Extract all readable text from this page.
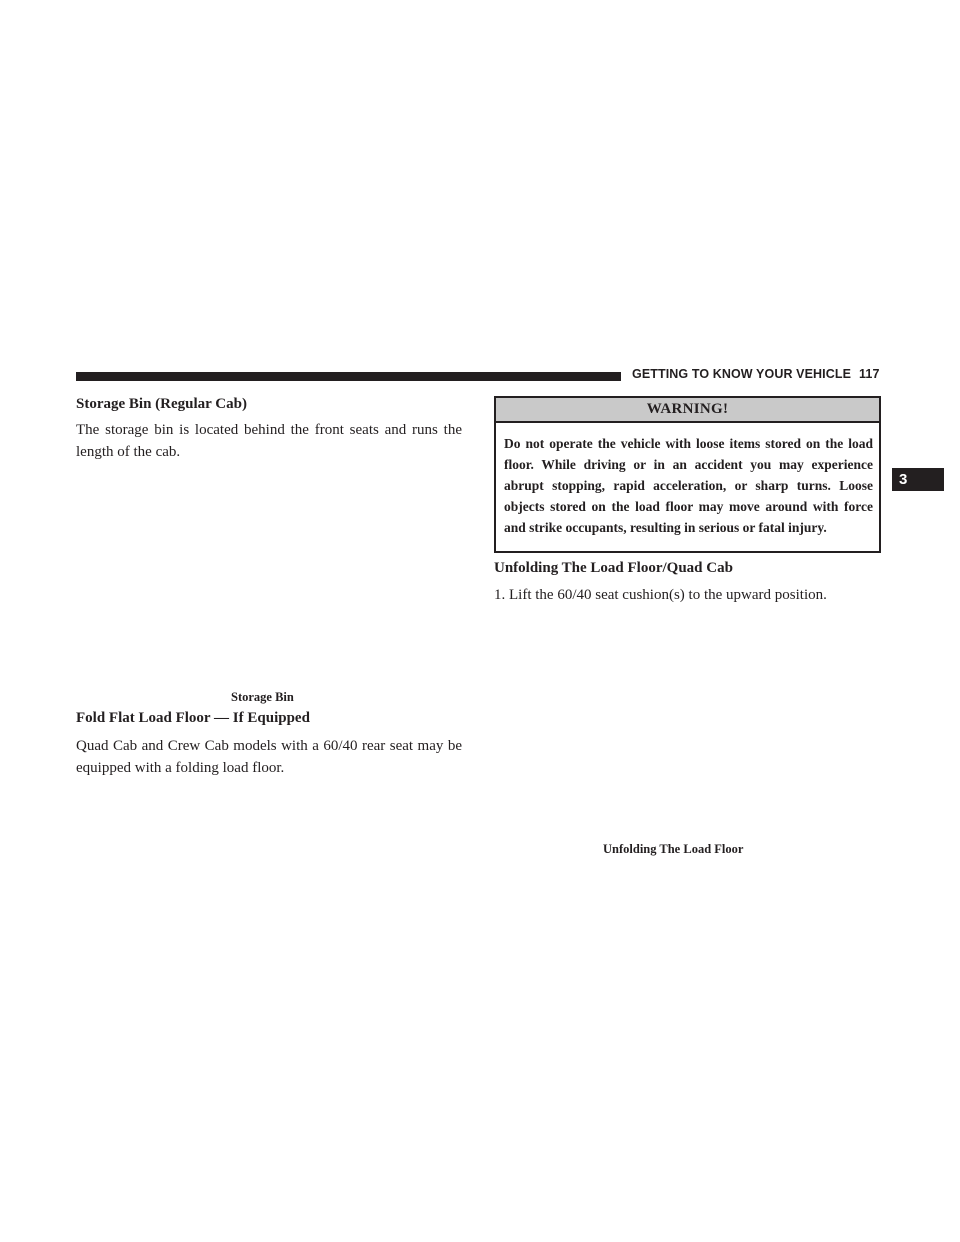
GETTING TO KNOW YOUR VEHICLE 117
3
Storage Bin (Regular Cab)

The storage bin is located behind the front seats and runs the length of the cab.

Storage Bin
Fold Flat Load Floor — If Equipped

Quad Cab and Crew Cab models with a 60/40 rear seat may be equipped with a folding load floor.

WARNING!

Do not operate the vehicle with loose items stored on the load floor. While driving or in an accident you may experience abrupt stopping, rapid acceleration, or sharp turns. Loose objects stored on the load floor may move around with force and strike occupants, resulting in serious or fatal injury.

Unfolding The Load Floor/Quad Cab

1. Lift the 60/40 seat cushion(s) to the upward position.

Unfolding The Load Floor
